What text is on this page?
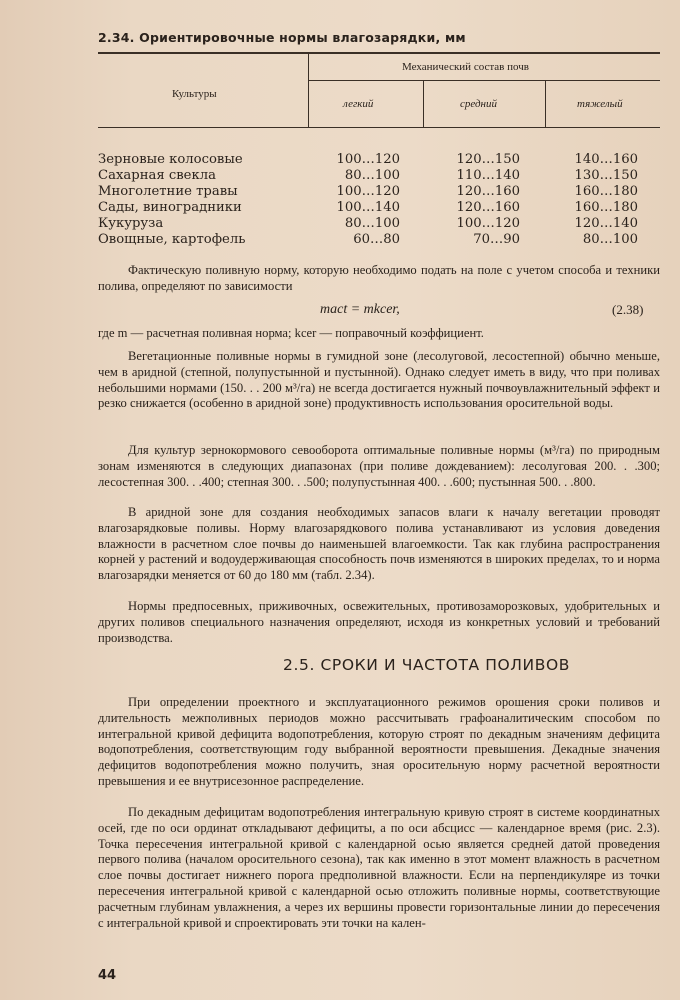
2.34. Ориентировочные нормы влагозарядки, мм
Культуры
Механический состав почв
легкий	средний	тяжелый
Зерновые колосовые	100…120	120…150	140…160
Сахарная свекла	80…100	110…140	130…150
Многолетние травы	100…120	120…160	160…180
Сады, виноградники	100…140	120…160	160…180
Кукуруза	80…100	100…120	120…140
Овощные, картофель	60…80	70…90	80…100
Фактическую поливную норму, которую необходимо подать на поле с учетом способа и техники полива, определяют по зависимости
mact = mkcer,	(2.38)
где m — расчетная поливная норма; kcer — поправочный коэффициент.
Вегетационные поливные нормы в гумидной зоне (лесолуговой, лесостепной) обычно меньше, чем в аридной (степной, полупустынной и пустынной). Однако следует иметь в виду, что при поливах небольшими нормами (150. . . 200 м³/га) не всегда достигается нужный почвоувлажнительный эффект и резко снижается (особенно в аридной зоне) продуктивность использования оросительной воды.
Для культур зернокормового севооборота оптимальные поливные нормы (м³/га) по природным зонам изменяются в следующих диапазонах (при поливе дождеванием): лесолуговая 200. . .300; лесостепная 300. . .400; степная 300. . .500; полупустынная 400. . .600; пустынная 500. . .800.
В аридной зоне для создания необходимых запасов влаги к началу вегетации проводят влагозарядковые поливы. Норму влагозарядкового полива устанавливают из условия доведения влажности в расчетном слое почвы до наименьшей влагоемкости. Так как глубина распространения корней у растений и водоудерживающая способность почв изменяются в широких пределах, то и норма влагозарядки меняется от 60 до 180 мм (табл. 2.34).
Нормы предпосевных, приживочных, освежительных, противозаморозковых, удобрительных и других поливов специального назначения определяют, исходя из конкретных условий и требований производства.
2.5. СРОКИ И ЧАСТОТА ПОЛИВОВ
При определении проектного и эксплуатационного режимов орошения сроки поливов и длительность межполивных периодов можно рассчитывать графоаналитическим способом по интегральной кривой дефицита водопотребления, которую строят по декадным значениям дефицита водопотребления, соответствующим году выбранной вероятности превышения. Декадные значения дефицитов водопотребления можно получить, зная оросительную норму расчетной вероятности превышения и ее внутрисезонное распределение.
По декадным дефицитам водопотребления интегральную кривую строят в системе координатных осей, где по оси ординат откладывают дефициты, а по оси абсцисс — календарное время (рис. 2.3). Точка пересечения интегральной кривой с календарной осью является средней датой проведения первого полива (началом оросительного сезона), так как именно в этот момент влажность в расчетном слое почвы достигает нижнего порога предполивной влажности. Если на перпендикуляре из точки пересечения интегральной кривой с календарной осью отложить поливные нормы, соответствующие расчетным глубинам увлажнения, а через их вершины провести горизонтальные линии до пересечения с интегральной кривой и спроектировать эти точки на кален-
44
